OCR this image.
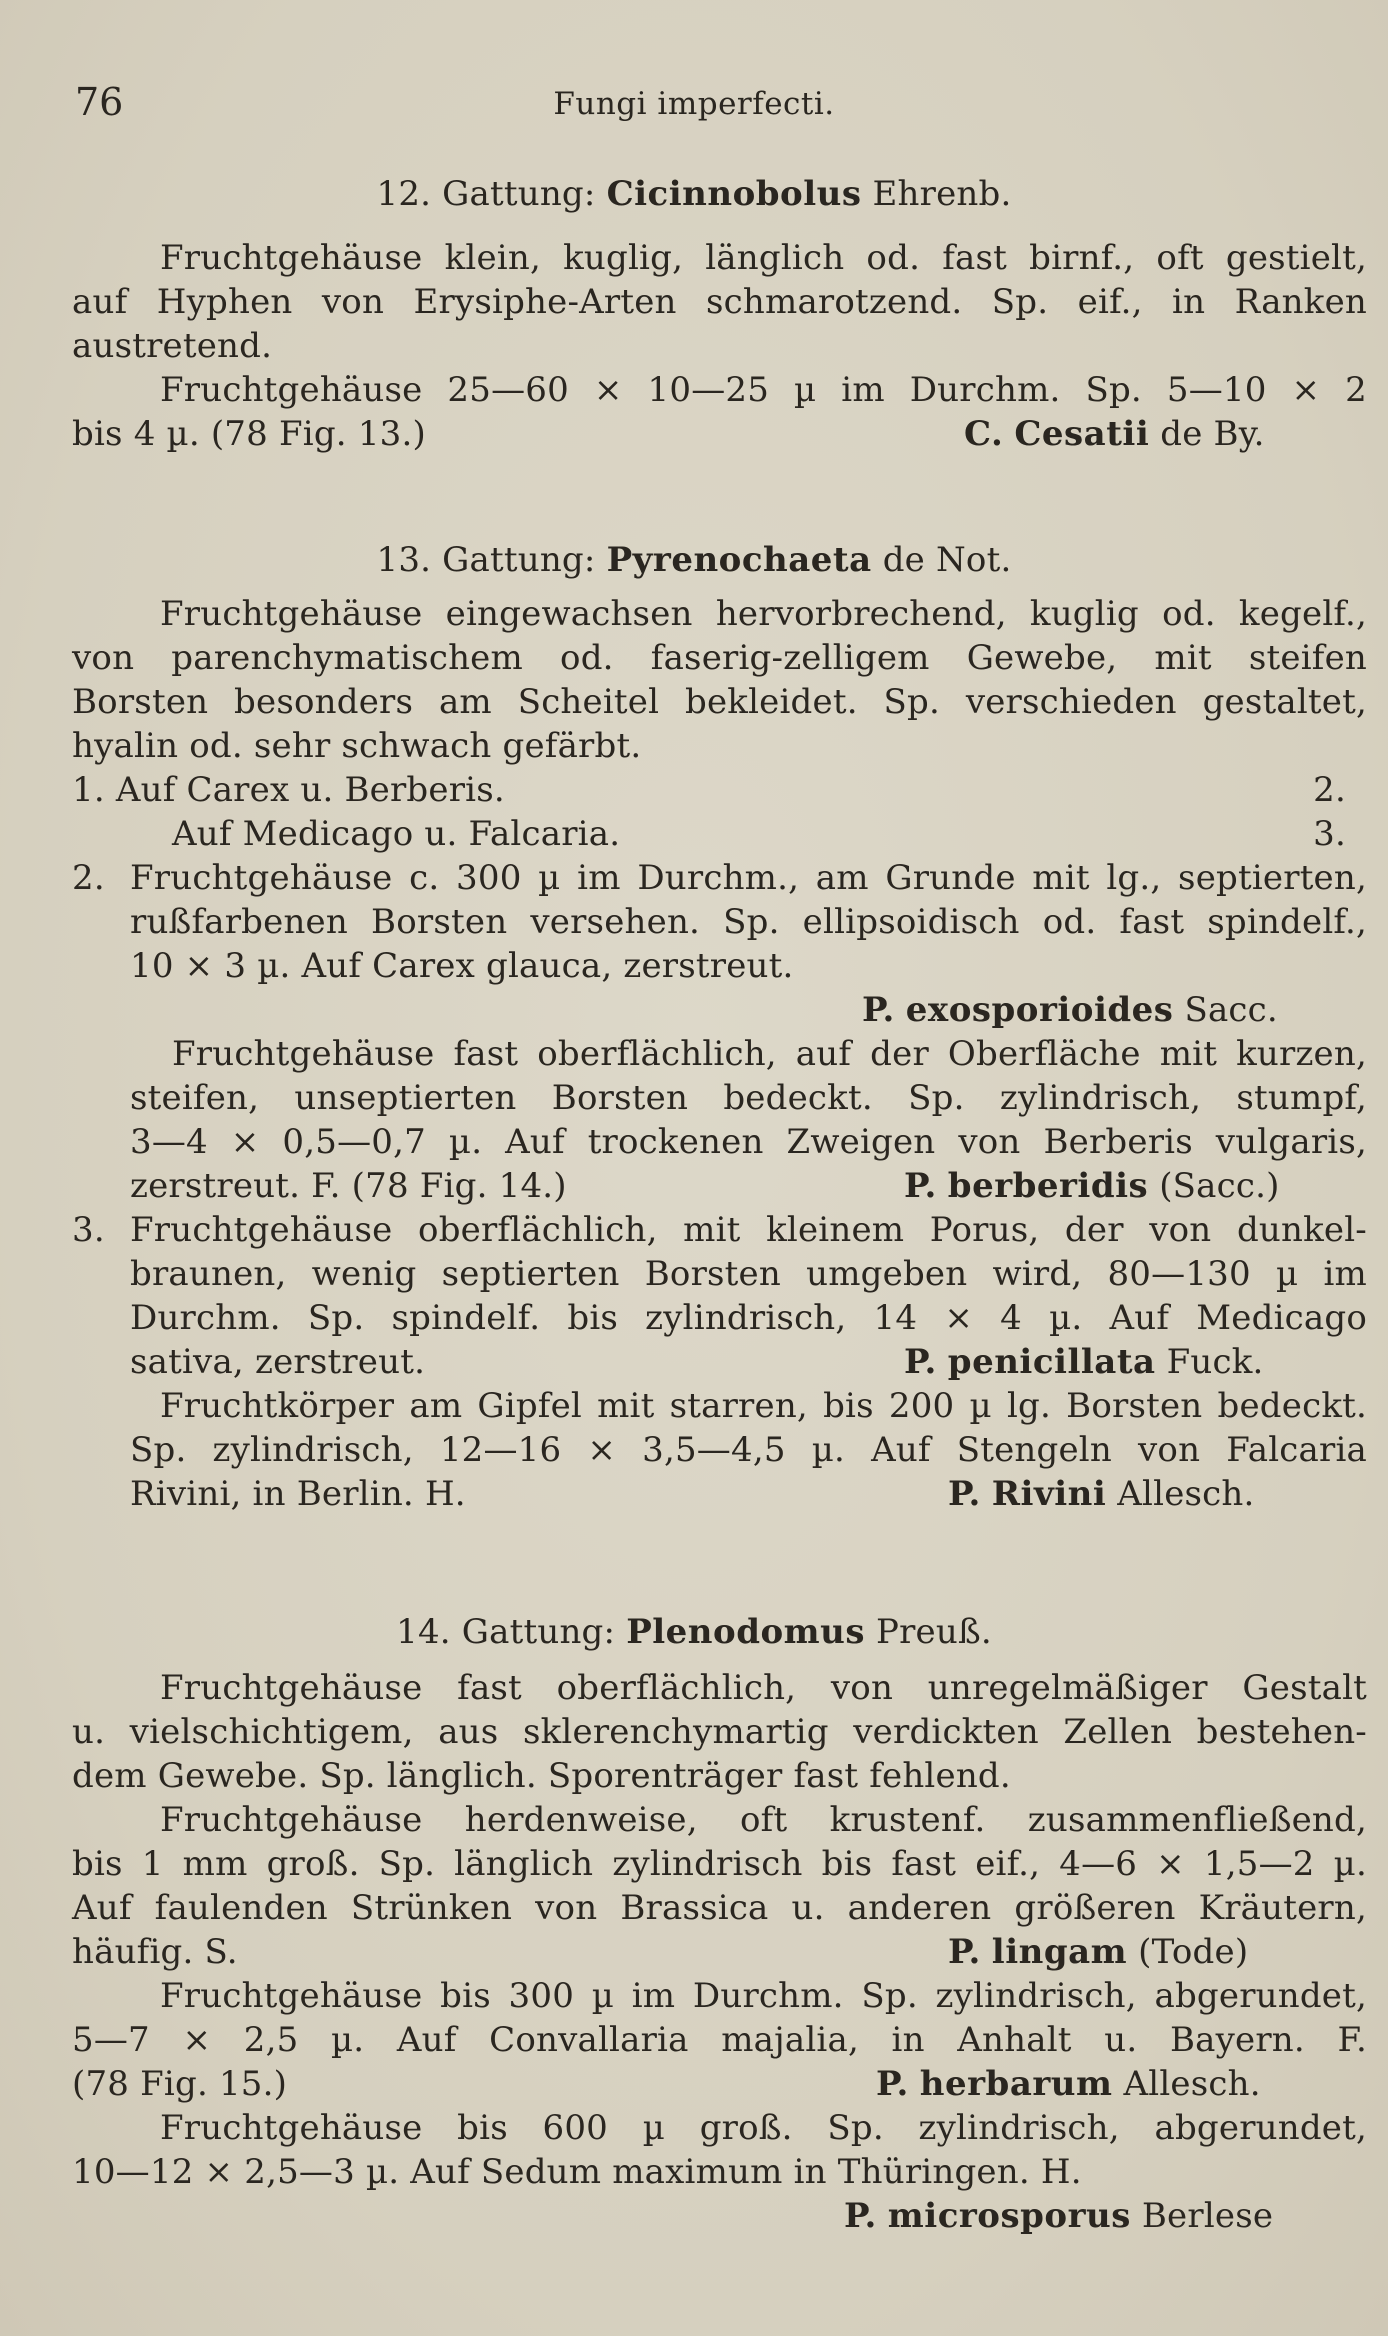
76	Fungi imperfecti.
12. Gattung: Cicinnobolus Ehrenb.
Fruchtgehäuse klein, kuglig, länglich od. fast birnf., oft gestielt,
auf Hyphen von Erysiphe-Arten schmarotzend. Sp. eif., in Ranken
austretend.
Fruchtgehäuse 25—60 × 10—25 µ im Durchm. Sp. 5—10 × 2
bis 4 µ. (78 Fig. 13.)	C. Cesatii de By.
13. Gattung: Pyrenochaeta de Not.
Fruchtgehäuse eingewachsen hervorbrechend, kuglig od. kegelf.,
von parenchymatischem od. faserig-zelligem Gewebe, mit steifen
Borsten besonders am Scheitel bekleidet. Sp. verschieden gestaltet,
hyalin od. sehr schwach gefärbt.
1. Auf Carex u. Berberis.	2.
Auf Medicago u. Falcaria.	3.
2. Fruchtgehäuse c. 300 µ im Durchm., am Grunde mit lg., septierten,
rußfarbenen Borsten versehen. Sp. ellipsoidisch od. fast spindelf.,
10 × 3 µ. Auf Carex glauca, zerstreut.
P. exosporioides Sacc.
Fruchtgehäuse fast oberflächlich, auf der Oberfläche mit kurzen,
steifen, unseptierten Borsten bedeckt. Sp. zylindrisch, stumpf,
3—4 × 0,5—0,7 µ. Auf trockenen Zweigen von Berberis vulgaris,
zerstreut. F. (78 Fig. 14.)	P. berberidis (Sacc.)
3. Fruchtgehäuse oberflächlich, mit kleinem Porus, der von dunkel-
braunen, wenig septierten Borsten umgeben wird, 80—130 µ im
Durchm. Sp. spindelf. bis zylindrisch, 14 × 4 µ. Auf Medicago
sativa, zerstreut.	P. penicillata Fuck.
Fruchtkörper am Gipfel mit starren, bis 200 µ lg. Borsten bedeckt.
Sp. zylindrisch, 12—16 × 3,5—4,5 µ. Auf Stengeln von Falcaria
Rivini, in Berlin. H.	P. Rivini Allesch.
14. Gattung: Plenodomus Preuß.
Fruchtgehäuse fast oberflächlich, von unregelmäßiger Gestalt
u. vielschichtigem, aus sklerenchymartig verdickten Zellen bestehen-
dem Gewebe. Sp. länglich. Sporenträger fast fehlend.
Fruchtgehäuse herdenweise, oft krustenf. zusammenfließend,
bis 1 mm groß. Sp. länglich zylindrisch bis fast eif., 4—6 × 1,5—2 µ.
Auf faulenden Strünken von Brassica u. anderen größeren Kräutern,
häufig. S.	P. lingam (Tode)
Fruchtgehäuse bis 300 µ im Durchm. Sp. zylindrisch, abgerundet,
5—7 × 2,5 µ. Auf Convallaria majalia, in Anhalt u. Bayern. F.
(78 Fig. 15.)	P. herbarum Allesch.
Fruchtgehäuse bis 600 µ groß. Sp. zylindrisch, abgerundet,
10—12 × 2,5—3 µ. Auf Sedum maximum in Thüringen. H.
P. microsporus Berlese
